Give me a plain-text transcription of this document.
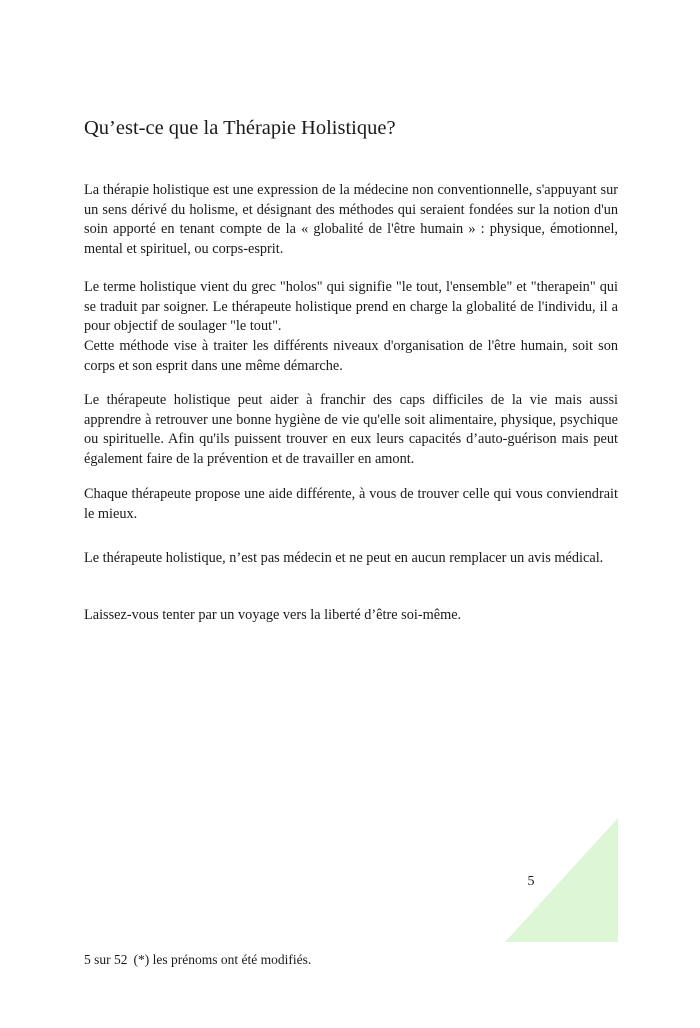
Qu’est-ce que la Thérapie Holistique?

La thérapie holistique est une expression de la médecine non conventionnelle, s'appuyant sur un sens dérivé du holisme, et désignant des méthodes qui seraient fondées sur la notion d'un soin apporté en tenant compte de la « globalité de l'être humain » : physique, émotionnel, mental et spirituel, ou corps-esprit.

Le terme holistique vient du grec "holos" qui signifie "le tout, l'ensemble" et "therapein" qui se traduit par soigner. Le thérapeute holistique prend en charge la globalité de l'individu, il a pour objectif de soulager "le tout".

Cette méthode vise à traiter les différents niveaux d'organisation de l'être humain, soit son corps et son esprit dans une même démarche.

Le thérapeute holistique peut aider à franchir des caps difficiles de la vie mais aussi apprendre à retrouver une bonne hygiène de vie qu'elle soit alimentaire, physique, psychique ou spirituelle. Afin qu'ils puissent trouver en eux leurs capacités d’auto-guérison mais peut également faire de la prévention et de travailler en amont.

Chaque thérapeute propose une aide différente, à vous de trouver celle qui vous conviendrait le mieux.

Le thérapeute holistique, n’est pas médecin et ne peut en aucun remplacer un avis médical.

Laissez-vous tenter par un voyage vers la liberté d’être soi-même.

5
5 sur 52 (*) les prénoms ont été modifiés.
